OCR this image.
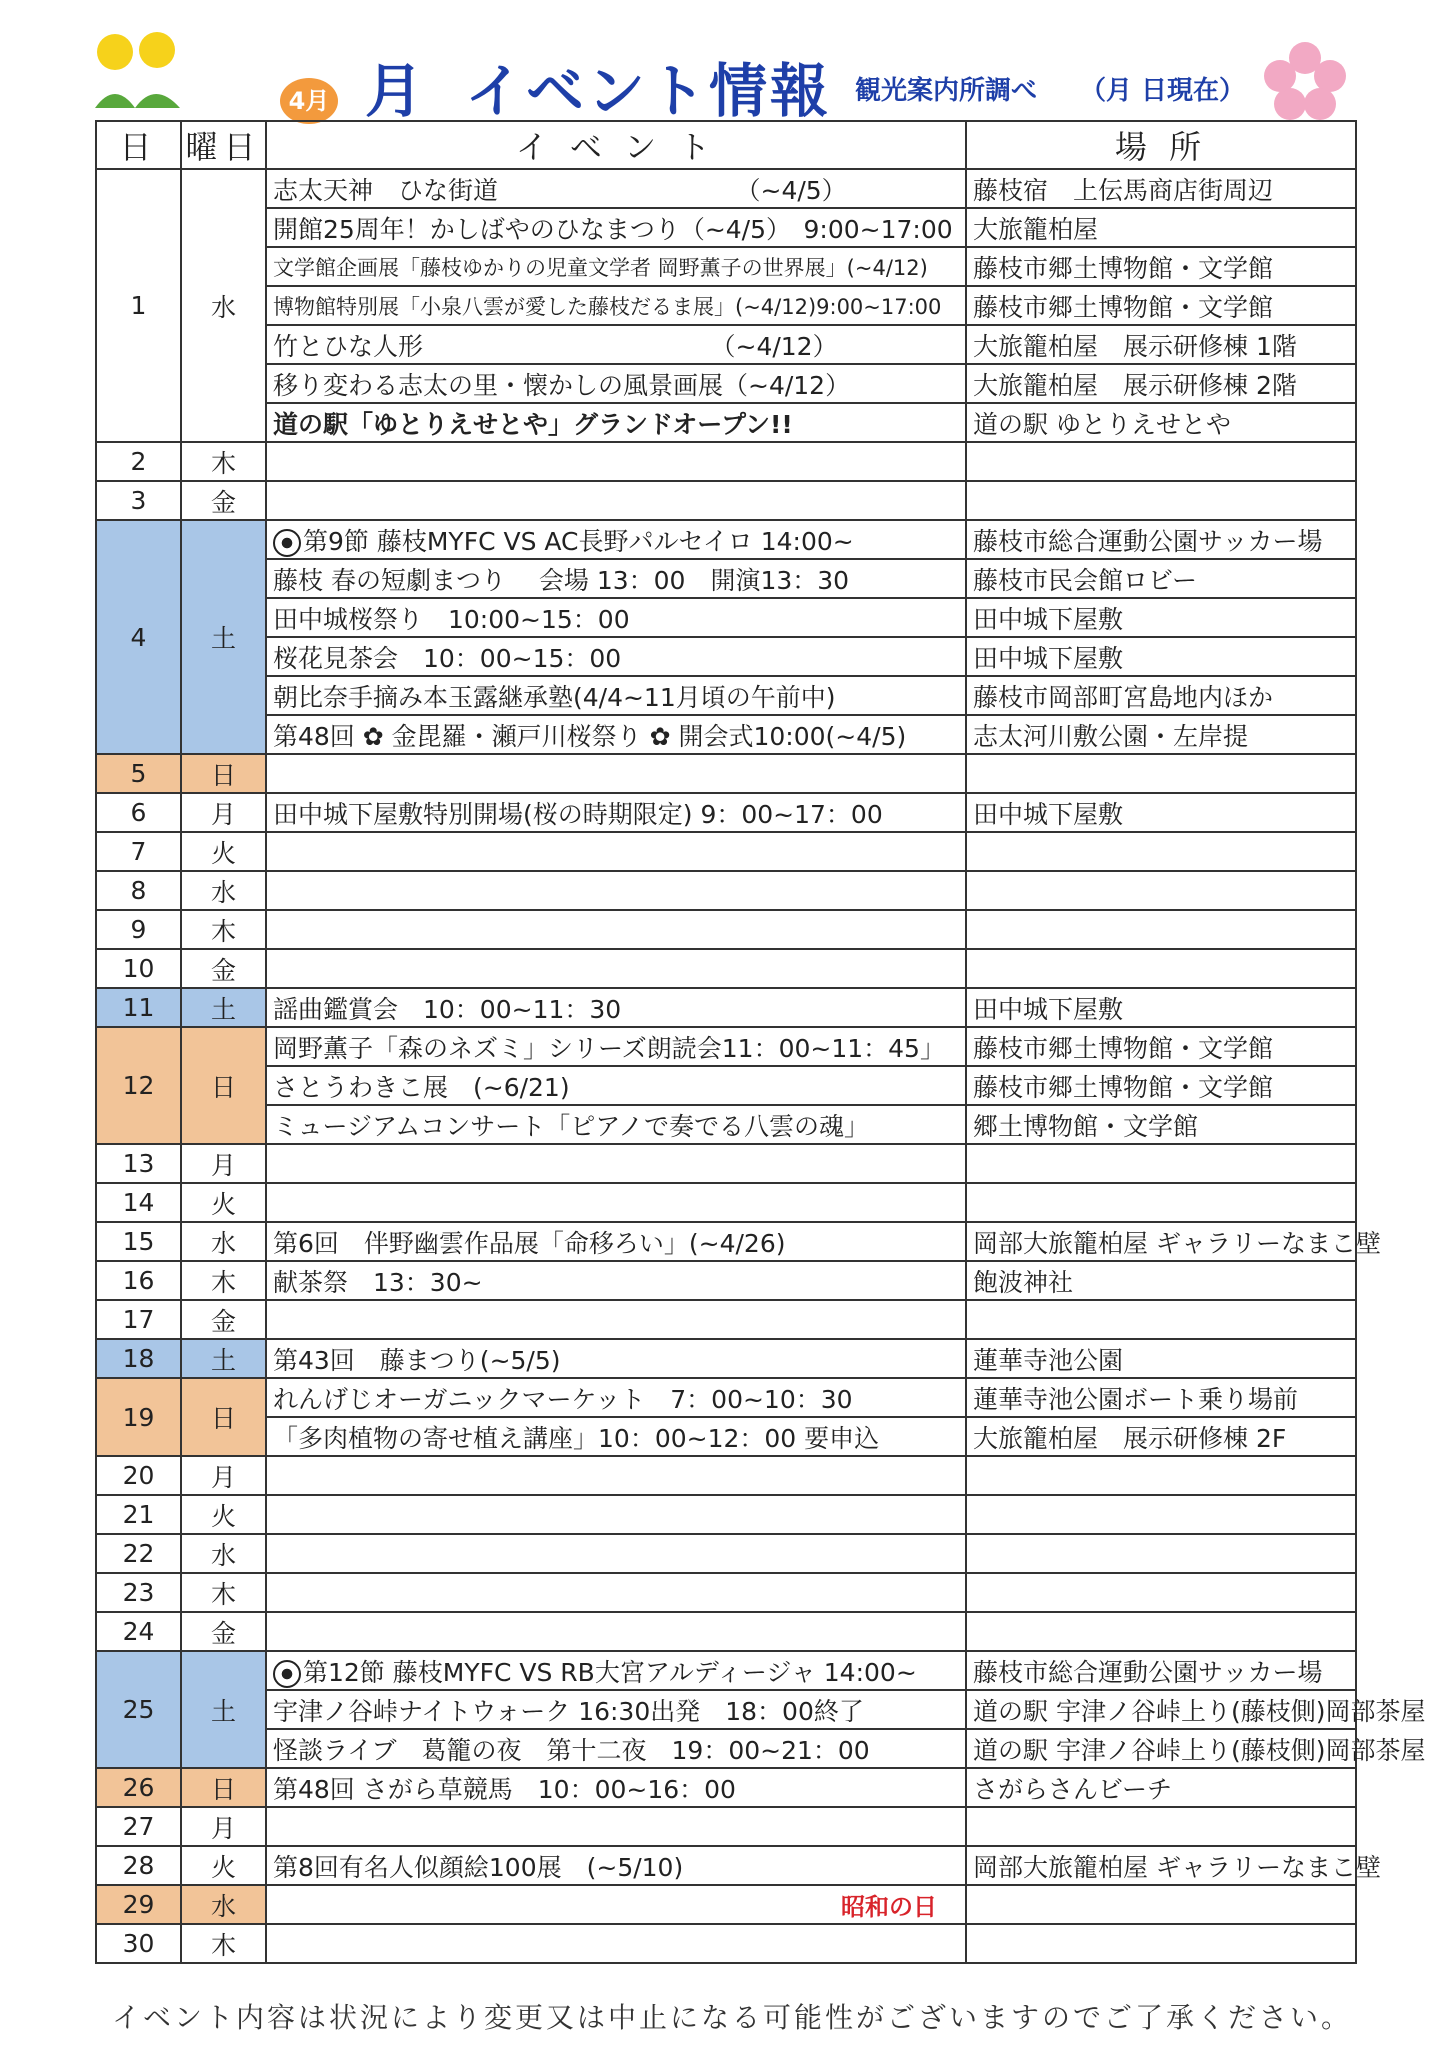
4月 月 イベント情報 観光案内所調べ （月 日現在）
日	曜日	イ ベ ン ト	場 所
1	水	志太天神　ひな街道　　　　　　　　　　（~4/5）	藤枝宿　上伝馬商店街周辺
		開館25周年！かしばやのひなまつり（~4/5）　9:00~17:00	大旅籠柏屋
		文学館企画展「藤枝ゆかりの児童文学者 岡野薫子の世界展」(~4/12)	藤枝市郷土博物館・文学館
		博物館特別展「小泉八雲が愛した藤枝だるま展」(~4/12)9:00~17:00	藤枝市郷土博物館・文学館
		竹とひな人形　　　　　　　　　　　　（~4/12）	大旅籠柏屋　展示研修棟 1階
		移り変わる志太の里・懐かしの風景画展（~4/12）	大旅籠柏屋　展示研修棟 2階
		道の駅「ゆとりえせとや」グランドオープン!!	道の駅 ゆとりえせとや
2	木		
3	金		
4	土	第9節 藤枝MYFC VS AC長野パルセイロ 14:00~	藤枝市総合運動公園サッカー場
		藤枝 春の短劇まつり　 会場 13：00　開演13：30	藤枝市民会館ロビー
		田中城桜祭り　10:00~15：00	田中城下屋敷
		桜花見茶会　10：00~15：00	田中城下屋敷
		朝比奈手摘み本玉露継承塾(4/4~11月頃の午前中)	藤枝市岡部町宮島地内ほか
		第48回 ✿ 金毘羅・瀬戸川桜祭り ✿ 開会式10:00(~4/5)	志太河川敷公園・左岸提
5	日		
6	月	田中城下屋敷特別開場(桜の時期限定) 9：00~17：00	田中城下屋敷
7	火		
8	水		
9	木		
10	金		
11	土	謡曲鑑賞会　10：00~11：30	田中城下屋敷
12	日	岡野薫子「森のネズミ」シリーズ朗読会11：00~11：45」	藤枝市郷土博物館・文学館
		さとうわきこ展　(~6/21)	藤枝市郷土博物館・文学館
		ミュージアムコンサート「ピアノで奏でる八雲の魂」	郷土博物館・文学館
13	月		
14	火		
15	水	第6回　伴野幽雲作品展「命移ろい」(~4/26)	岡部大旅籠柏屋 ギャラリーなまこ壁
16	木	献茶祭　13：30~	飽波神社
17	金		
18	土	第43回　藤まつり(~5/5)	蓮華寺池公園
19	日	れんげじオーガニックマーケット　7：00~10：30	蓮華寺池公園ボート乗り場前
		「多肉植物の寄せ植え講座」10：00~12：00 要申込	大旅籠柏屋　展示研修棟 2F
20	月		
21	火		
22	水		
23	木		
24	金		
25	土	第12節 藤枝MYFC VS RB大宮アルディージャ 14:00~	藤枝市総合運動公園サッカー場
		宇津ノ谷峠ナイトウォーク 16:30出発　18：00終了	道の駅 宇津ノ谷峠上り(藤枝側)岡部茶屋
		怪談ライブ　葛籠の夜　第十二夜　19：00~21：00	道の駅 宇津ノ谷峠上り(藤枝側)岡部茶屋
26	日	第48回 さがら草競馬　10：00~16：00	さがらさんビーチ
27	月		
28	火	第8回有名人似顔絵100展　(~5/10)	岡部大旅籠柏屋 ギャラリーなまこ壁
29	水	昭和の日	

30	木		
イベント内容は状況により変更又は中止になる可能性がございますのでご了承ください。
